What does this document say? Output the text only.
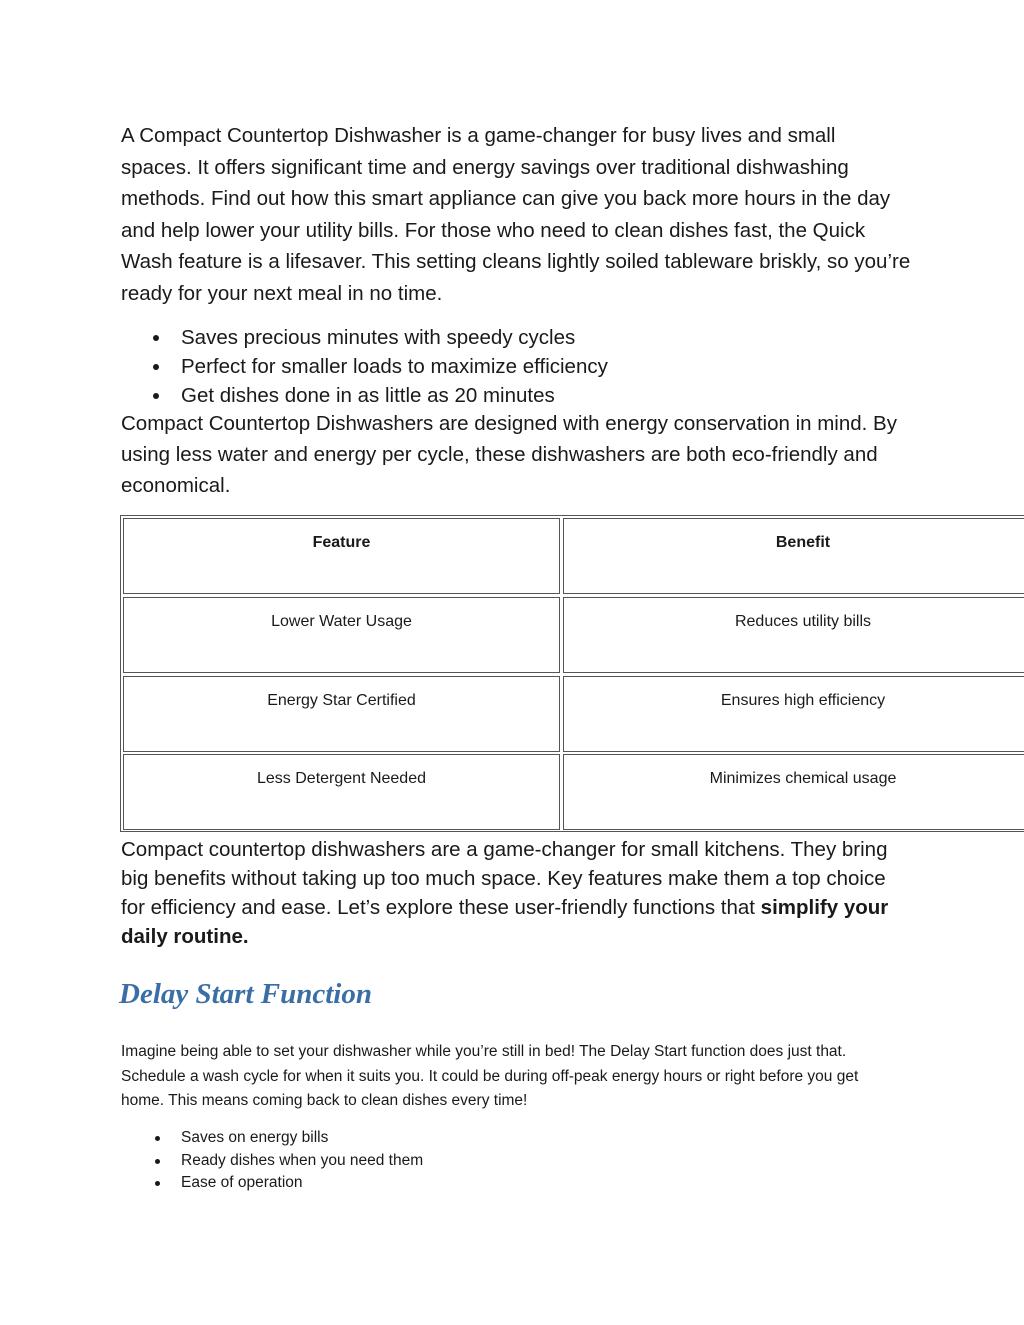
A Compact Countertop Dishwasher is a game-changer for busy lives and small spaces. It offers significant time and energy savings over traditional dishwashing methods. Find out how this smart appliance can give you back more hours in the day and help lower your utility bills. For those who need to clean dishes fast, the Quick Wash feature is a lifesaver. This setting cleans lightly soiled tableware briskly, so you’re ready for your next meal in no time.

Saves precious minutes with speedy cycles
Perfect for smaller loads to maximize efficiency
Get dishes done in as little as 20 minutes

Compact Countertop Dishwashers are designed with energy conservation in mind. By using less water and energy per cycle, these dishwashers are both eco-friendly and economical.

Feature	Benefit
Lower Water Usage	Reduces utility bills
Energy Star Certified	Ensures high efficiency
Less Detergent Needed	Minimizes chemical usage

Compact countertop dishwashers are a game-changer for small kitchens. They bring big benefits without taking up too much space. Key features make them a top choice for efficiency and ease. Let’s explore these user-friendly functions that simplify your daily routine.

Delay Start Function

Imagine being able to set your dishwasher while you’re still in bed! The Delay Start function does just that. Schedule a wash cycle for when it suits you. It could be during off-peak energy hours or right before you get home. This means coming back to clean dishes every time!

Saves on energy bills
Ready dishes when you need them
Ease of operation
